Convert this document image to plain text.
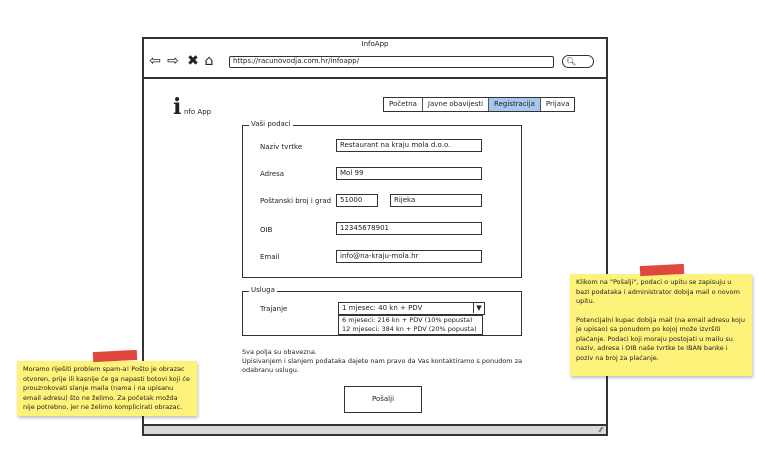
InfoApp
⇦ ⇨ ✖ ⌂	https://racunovodja.com.hr/infoapp/	🔍︎
i nfo App
Početna	Javne obavijesti	Registracija	Prijava
Vaši podaci
Naziv tvrtke	Restaurant na kraju mola d.o.o.
Adresa	Mol 99
Poštanski broj i grad	51000	Rijeka
OIB	12345678901
Email	info@na-kraju-mola.hr
Usluga
Trajanje	1 mjesec: 40 kn + PDV	▼
6 mjeseci: 216 kn + PDV (10% popusta)
12 mjeseci: 384 kn + PDV (20% popusta)
Sva polja su obavezna.
Upisivanjem i slanjem podataka dajete nam pravo da Vas kontaktiramo s ponudom za odabranu uslugu.
Pošalji
⁄⁄
Moramo riješiti problem spam-a! Pošto je obrazac otvoren, prije ili kasnije će ga napasti botovi koji će prouzrokovati slanje maila (nama i na upisanu email adresu) što ne želimo. Za početak možda nije potrebno, jer ne želimo komplicirati obrazac.
Klikom na "Pošalji", podaci o upitu se zapisuju u bazi podataka i administrator dobija mail o novom upitu.
Potencijalni kupac dobija mail (na email adresu koju je upisao) sa ponudom po kojoj može izvršiti plaćanje. Podaci koji moraju postojati u mailu su naziv, adresa i OIB naše tvrtke te IBAN banke i poziv na broj za plaćanje.
